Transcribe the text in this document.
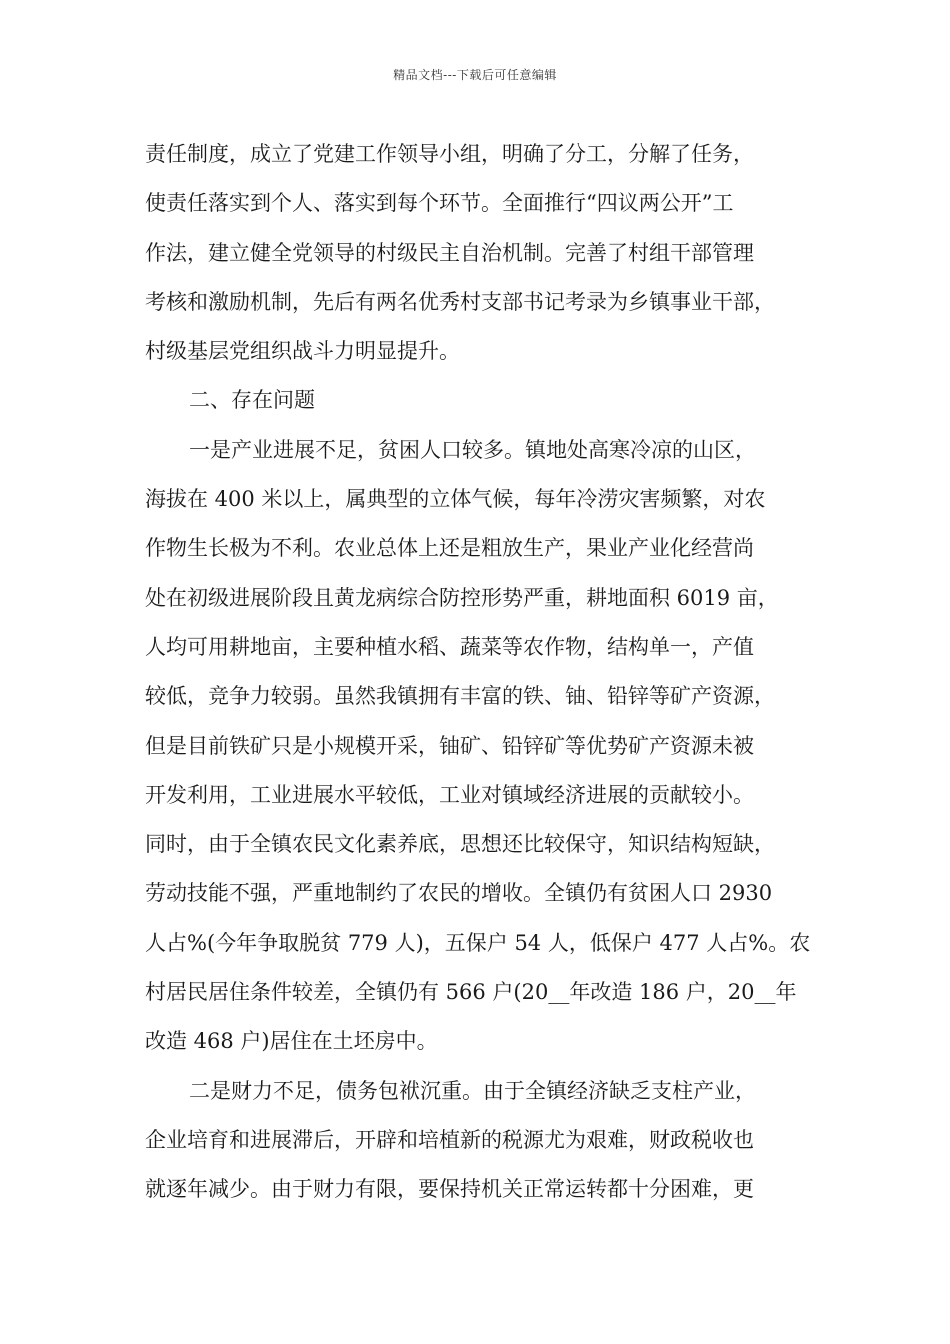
精品文档---下载后可任意编辑
责任制度，成立了党建工作领导小组，明确了分工，分解了任务，
使责任落实到个人、落实到每个环节。全面推行“四议两公开”工
作法，建立健全党领导的村级民主自治机制。完善了村组干部管理
考核和激励机制，先后有两名优秀村支部书记考录为乡镇事业干部，
村级基层党组织战斗力明显提升。
二、存在问题
一是产业进展不足，贫困人口较多。镇地处高寒冷凉的山区，
海拔在 400 米以上，属典型的立体气候，每年冷涝灾害频繁，对农
作物生长极为不利。农业总体上还是粗放生产，果业产业化经营尚
处在初级进展阶段且黄龙病综合防控形势严重，耕地面积 6019 亩，
人均可用耕地亩，主要种植水稻、蔬菜等农作物，结构单一，产值
较低，竞争力较弱。虽然我镇拥有丰富的铁、铀、铅锌等矿产资源，
但是目前铁矿只是小规模开采，铀矿、铅锌矿等优势矿产资源未被
开发利用，工业进展水平较低，工业对镇域经济进展的贡献较小。
同时，由于全镇农民文化素养底，思想还比较保守，知识结构短缺，
劳动技能不强，严重地制约了农民的增收。全镇仍有贫困人口 2930
人占%(今年争取脱贫 779 人)，五保户 54 人，低保户 477 人占%。农
村居民居住条件较差，全镇仍有 566 户(20__年改造 186 户，20__年
改造 468 户)居住在土坯房中。
二是财力不足，债务包袱沉重。由于全镇经济缺乏支柱产业，
企业培育和进展滞后，开辟和培植新的税源尤为艰难，财政税收也
就逐年减少。由于财力有限，要保持机关正常运转都十分困难，更
